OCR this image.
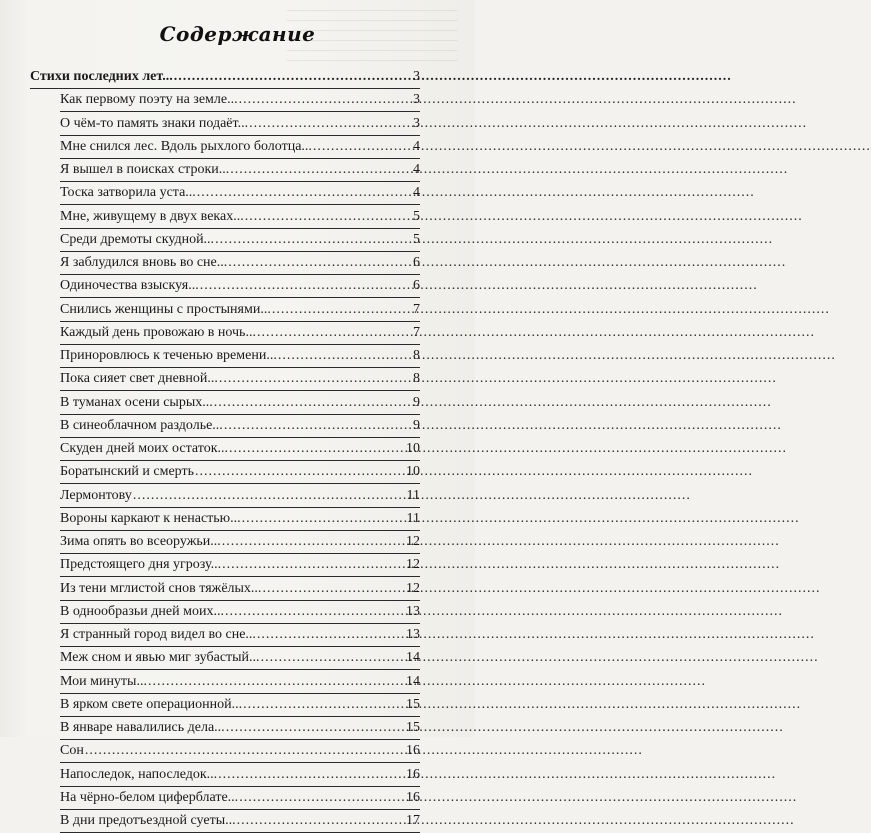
Содержание
Стихи последних лет... .....	3
Как первому поэту на земле... .....	3
О чём-то память знаки подаёт... .....	3
Мне снился лес. Вдоль рыхлого болотца... .....	4
Я вышел в поисках строки... .....	4
Тоска затворила уста... .....	4
Мне, живущему в двух веках... .....	5
Среди дремоты скудной... .....	5
Я заблудился вновь во сне... .....	6
Одиночества взыскуя... .....	6
Снились женщины с простынями... .....	7
Каждый день провожаю в ночь... .....	7
Приноровлюсь к теченью времени... .....	8
Пока сияет свет дневной... .....	8
В туманах осени сырых... .....	9
В синеоблачном раздолье... .....	9
Скуден дней моих остаток... .....	10
Боратынский и смерть .....	10
Лермонтову .....	11
Вороны каркают к ненастью... .....	11
Зима опять во всеоружьи... .....	12
Предстоящего дня угрозу... .....	12
Из тени мглистой снов тяжёлых... .....	12
В однообразьи дней моих... .....	13
Я странный город видел во сне... .....	13
Меж сном и явью миг зубастый... .....	14
Мои минуты... .....	14
В ярком свете операционной... .....	15
В январе навалились дела... .....	15
Сон .....	16
Напоследок, напоследок... .....	16
На чёрно-белом циферблате... .....	16
В дни предотъездной суеты... .....	17
